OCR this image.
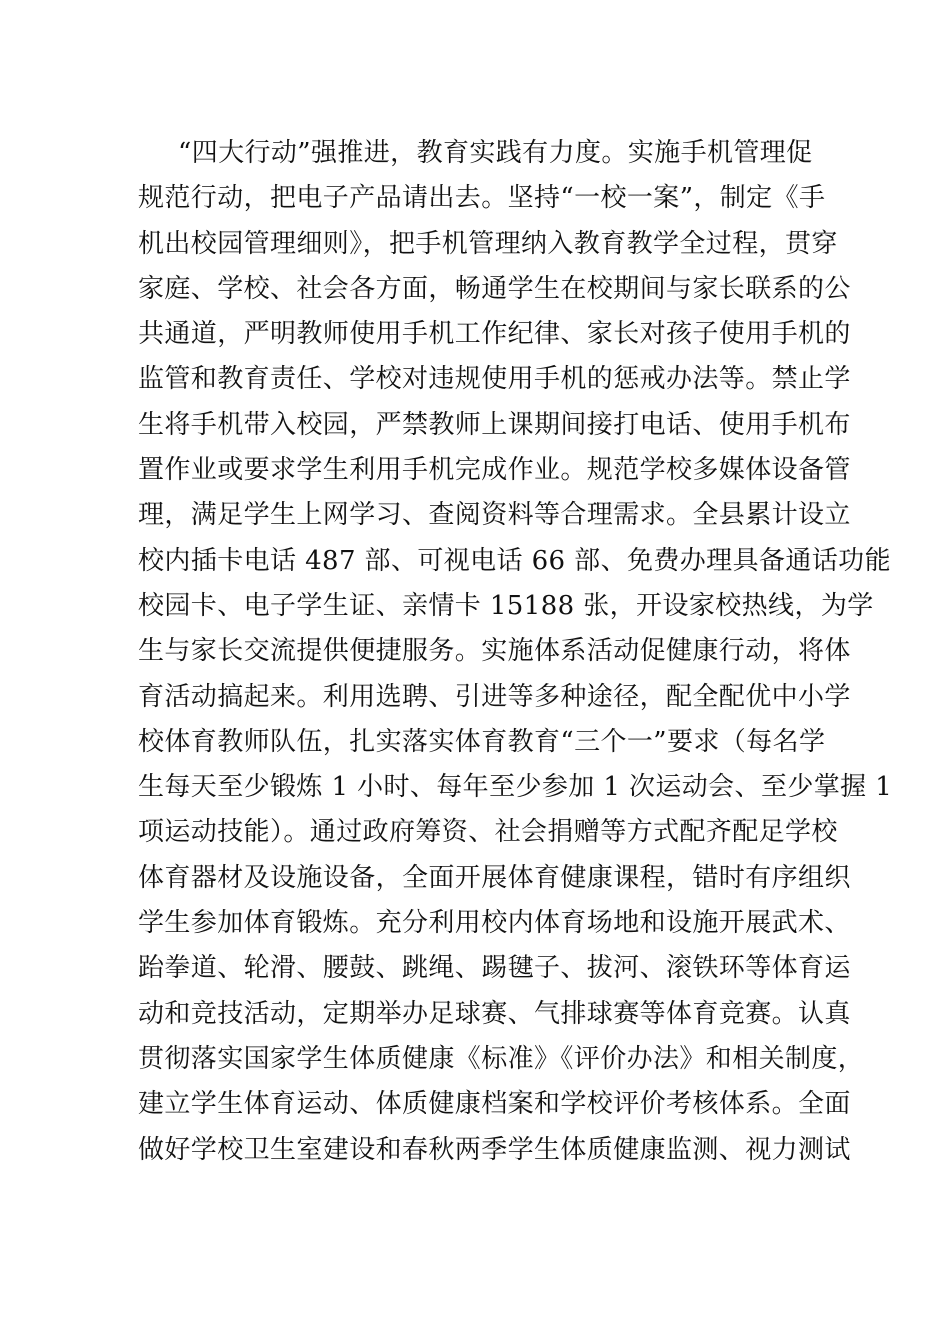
“四大行动”强推进，教育实践有力度。实施手机管理促
规范行动，把电子产品请出去。坚持“一校一案”，制定《手
机出校园管理细则》，把手机管理纳入教育教学全过程，贯穿
家庭、学校、社会各方面，畅通学生在校期间与家长联系的公
共通道，严明教师使用手机工作纪律、家长对孩子使用手机的
监管和教育责任、学校对违规使用手机的惩戒办法等。禁止学
生将手机带入校园，严禁教师上课期间接打电话、使用手机布
置作业或要求学生利用手机完成作业。规范学校多媒体设备管
理，满足学生上网学习、查阅资料等合理需求。全县累计设立
校内插卡电话 487 部、可视电话 66 部、免费办理具备通话功能
校园卡、电子学生证、亲情卡 15188 张，开设家校热线，为学
生与家长交流提供便捷服务。实施体系活动促健康行动，将体
育活动搞起来。利用选聘、引进等多种途径，配全配优中小学
校体育教师队伍，扎实落实体育教育“三个一”要求（每名学
生每天至少锻炼 1 小时、每年至少参加 1 次运动会、至少掌握 1
项运动技能）。通过政府筹资、社会捐赠等方式配齐配足学校
体育器材及设施设备，全面开展体育健康课程，错时有序组织
学生参加体育锻炼。充分利用校内体育场地和设施开展武术、
跆拳道、轮滑、腰鼓、跳绳、踢毽子、拔河、滚铁环等体育运
动和竞技活动，定期举办足球赛、气排球赛等体育竞赛。认真
贯彻落实国家学生体质健康《标准》《评价办法》和相关制度，
建立学生体育运动、体质健康档案和学校评价考核体系。全面
做好学校卫生室建设和春秋两季学生体质健康监测、视力测试
